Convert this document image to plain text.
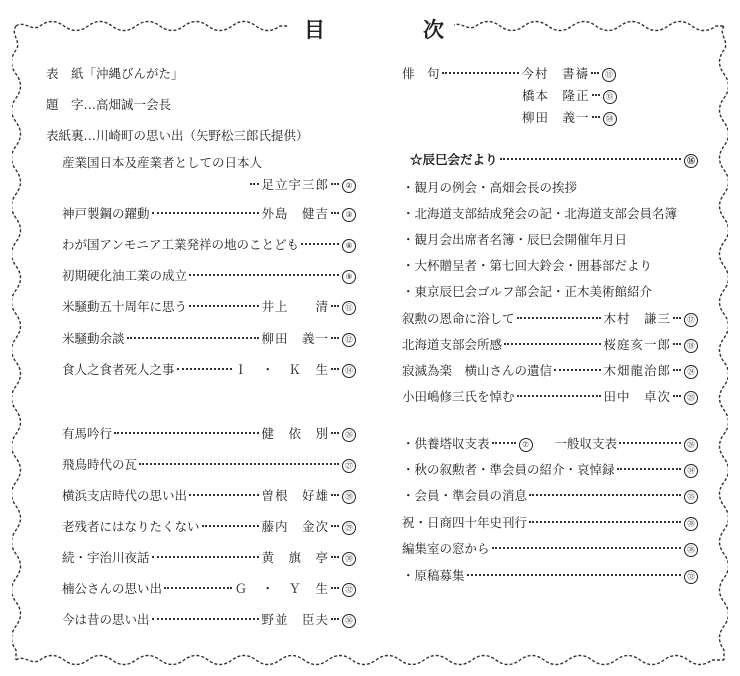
目	次
表　紙「沖縄びんがた」
題　字…高畑誠一会長
表紙裏…川崎町の思い出（矢野松三郎氏提供）
産業国日本及産業者としての日本人
足立宇三郎	②
神戸製鋼の躍動	外島　健吉	③
わが国アンモニア工業発祥の地のことども	⑧
初期硬化油工業の成立	⑨
米騒動五十周年に思う	井上　　清	⑪
米騒動余談	柳田　義一	⑫
食人之食者死人之事	Ｉ　・　Ｋ　生	⑭
有馬吟行	健　依　別	㉖
飛鳥時代の瓦	㉗
横浜支店時代の思い出	曽根　好雄	㉘
老残者にはなりたくない	藤内　金次	㉙
続・宇治川夜話	黄　旗　亭	㉚
楠公さんの思い出	Ｇ　・　Ｙ　生	㉜
今は昔の思い出	野並　臣夫	㊱
俳　句	今村　書禱	⑪
橋本　隆正	⑮
柳田　義一	㊿
☆辰巳会だより	⑯
・観月の例会・高畑会長の挨拶
・北海道支部結成発会の記・北海道支部会員名簿
・観月会出席者名簿・辰巳会開催年月日
・大杯贈呈者・第七回大鈴会・囲碁部だより
・東京辰巳会ゴルフ部会記・正木美術館紹介
叙勲の恩命に浴して	木村　謙三	⑰
北海道支部会所感	桜庭亥一郎	⑱
寂滅為楽　横山さんの遺信	木畑龍治郎	㉔
小田嶋修三氏を悼む	田中　卓次	㉕
・供養塔収支表	⑦ 一般収支表	㉖
・秋の叙勲者・準会員の紹介・哀悼録	㉞
・会員・準会員の消息	㉟
祝・日商四十年史刊行	㊳
編集室の窓から	㊳
・原稿募集	㉜
